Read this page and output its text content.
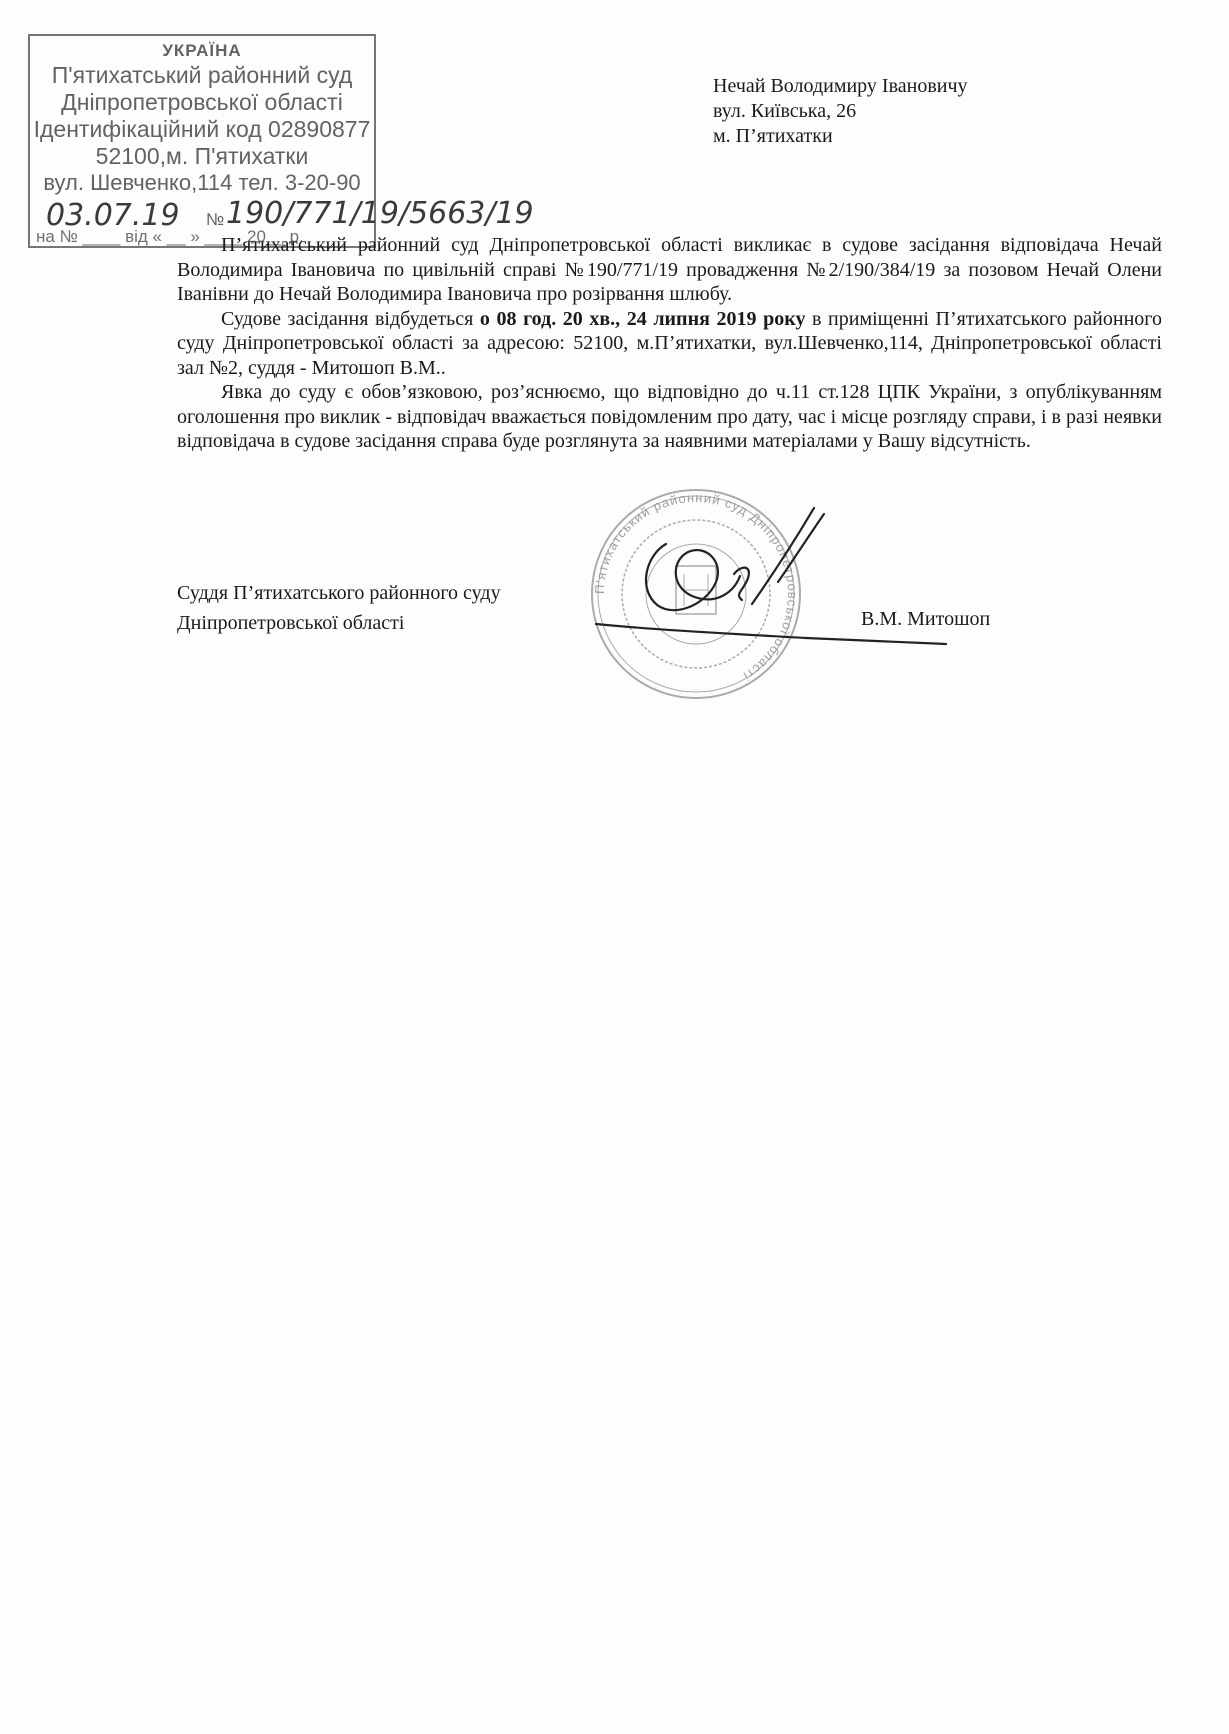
УКРАЇНА
П'ятихатський районний суд
Дніпропетровської області
Ідентифікаційний код 02890877
52100,м. П'ятихатки
вул. Шевченко,114 тел. 3-20-90
03.07.19 № 190/771/19/5663/19
на № ____ від « __ » ____ 20__ р.
Нечай Володимиру Івановичу
вул. Київська, 26
м. П’ятихатки

П’ятихатський районний суд Дніпропетровської області викликає в судове засідання відповідача Нечай Володимира Івановича по цивільній справі №190/771/19 провадження №2/190/384/19 за позовом Нечай Олени Іванівни до Нечай Володимира Івановича про розірвання шлюбу.

Судове засідання відбудеться о 08 год. 20 хв., 24 липня 2019 року в приміщенні П’ятихатського районного суду Дніпропетровської області за адресою: 52100, м.П’ятихатки, вул.Шевченко,114, Дніпропетровської області зал №2, суддя - Митошоп В.М..

Явка до суду є обов’язковою, роз’яснюємо, що відповідно до ч.11 ст.128 ЦПК України, з опублікуванням оголошення про виклик - відповідач вважається повідомленим про дату, час і місце розгляду справи, і в разі неявки відповідача в судове засідання справа буде розглянута за наявними матеріалами у Вашу відсутність.

П'ятихатський районний суд Дніпропетровської області
Суддя П’ятихатського районного суду
Дніпропетровської області	В.М. Митошоп
